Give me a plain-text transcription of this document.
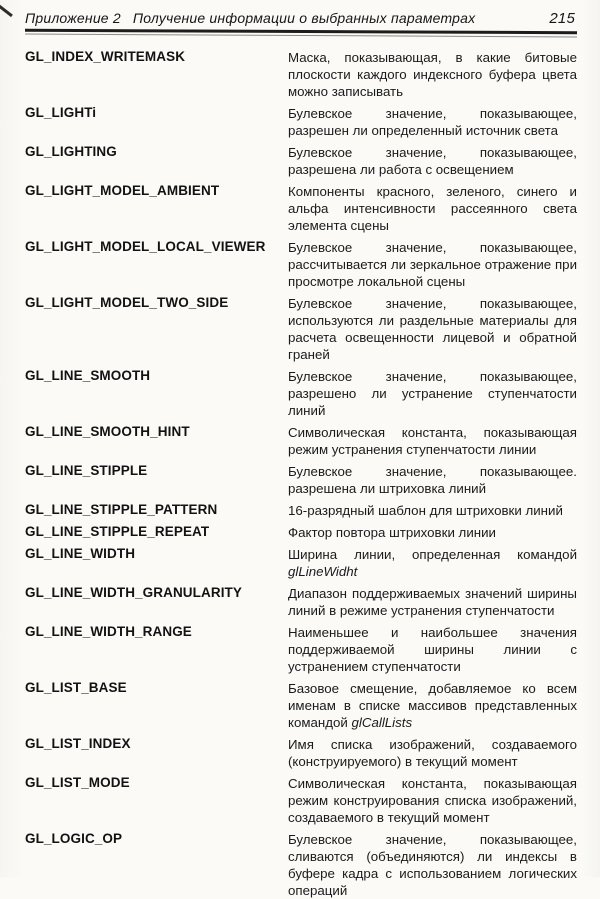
Приложение 2 Получение информации о выбранных параметрах	215
GL_INDEX_WRITEMASK	Маска, показывающая, в какие битовые плоскости каждого индексного буфера цвета можно записывать
GL_LIGHTi	Булевское значение, показывающее, разрешен ли определенный источник света
GL_LIGHTING	Булевское значение, показывающее, разрешена ли работа с освещением
GL_LIGHT_MODEL_AMBIENT	Компоненты красного, зеленого, синего и альфа интенсивности рассеянного света элемента сцены
GL_LIGHT_MODEL_LOCAL_VIEWER	Булевское значение, показывающее, рассчитывается ли зеркальное отражение при просмотре локальной сцены
GL_LIGHT_MODEL_TWO_SIDE	Булевское значение, показывающее, используются ли раздельные материалы для расчета освещенности лицевой и обратной граней
GL_LINE_SMOOTH	Булевское значение, показывающее, разрешено ли устранение ступенчатости линий
GL_LINE_SMOOTH_HINT	Символическая константа, показывающая режим устранения ступенчатости линии
GL_LINE_STIPPLE	Булевское значение, показывающее. разрешена ли штриховка линий
GL_LINE_STIPPLE_PATTERN	16-разрядный шаблон для штриховки линий
GL_LINE_STIPPLE_REPEAT	Фактор повтора штриховки линии
GL_LINE_WIDTH	Ширина линии, определенная командой glLineWidht
GL_LINE_WIDTH_GRANULARITY	Диапазон поддерживаемых значений ширины линий в режиме устранения ступенчатости
GL_LINE_WIDTH_RANGE	Наименьшее и наибольшее значения поддерживаемой ширины линии с устранением ступенчатости
GL_LIST_BASE	Базовое смещение, добавляемое ко всем именам в списке массивов представленных командой glCallLists
GL_LIST_INDEX	Имя списка изображений, создаваемого (конструируемого) в текущий момент
GL_LIST_MODE	Символическая константа, показывающая режим конструирования списка изображений, создаваемого в текущий момент
GL_LOGIC_OP	Булевское значение, показывающее, сливаются (объединяются) ли индексы в буфере кадра с использованием логических операций
